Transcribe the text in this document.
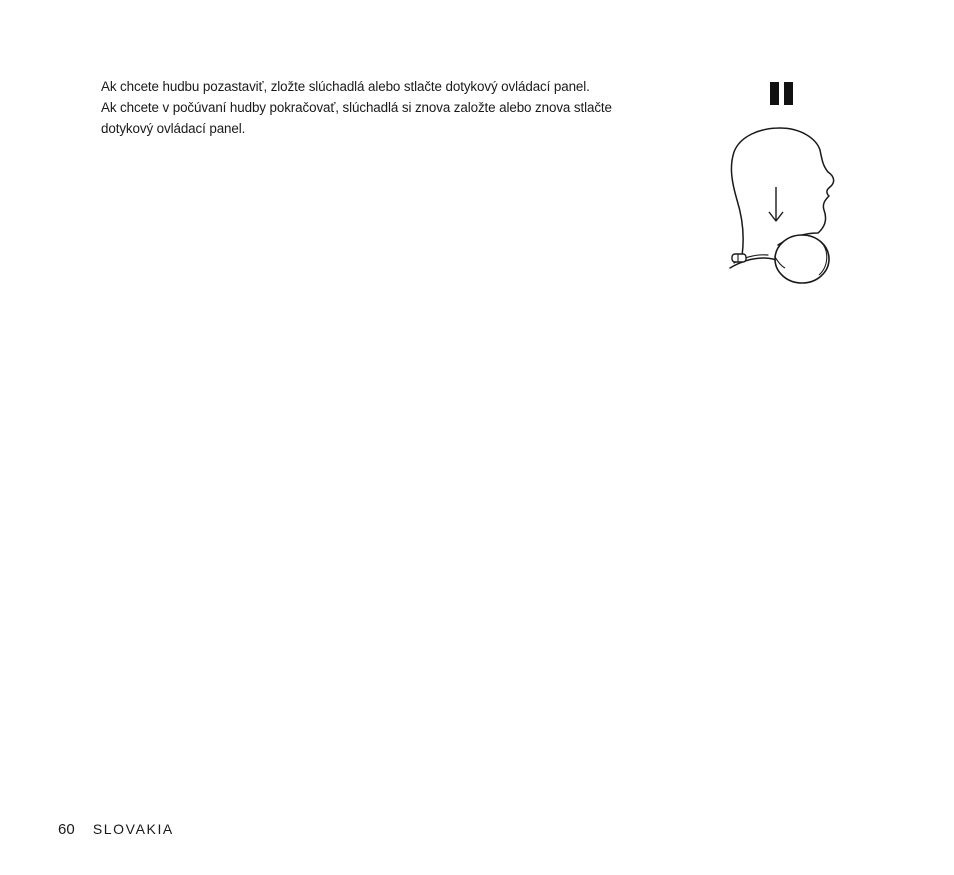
Ak chcete hudbu pozastaviť, zložte slúchadlá alebo stlačte dotykový ovládací panel.

Ak chcete v počúvaní hudby pokračovať, slúchadlá si znova založte alebo znova stlačte

dotykový ovládací panel.

60 SLOVAKIA
